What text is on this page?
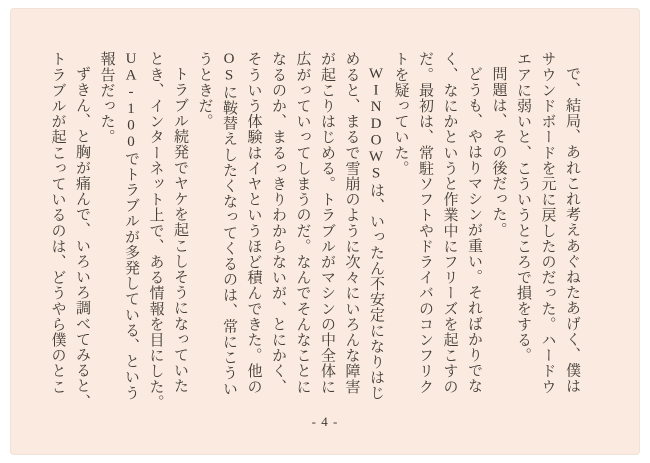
で、結局、あれこれ考えあぐねたあげく、僕は
サウンドボードを元に戻したのだった。ハードウ
エアに弱いと、こういうところで損をする。
問題は、その後だった。
どうも、やはりマシンが重い。そればかりでな
く、なにかというと作業中にフリーズを起こすの
だ。最初は、常駐ソフトやドライバのコンフリク
トを疑っていた。
WINDOWSは、いったん不安定になりはじ
めると、まるで雪崩のように次々にいろんな障害
が起こりはじめる。トラブルがマシンの中全体に
広がっていってしまうのだ。なんでそんなことに
なるのか、まるっきりわからないが、とにかく、
そういう体験はイヤというほど積んできた。他の
OSに鞍替えしたくなってくるのは、常にこうい
うときだ。
トラブル続発でヤケを起こしそうになっていた
とき、インターネット上で、ある情報を目にした。
UA-100でトラブルが多発している、という
報告だった。
ずきん、と胸が痛んで、いろいろ調べてみると、
トラブルが起こっているのは、どうやら僕のとこ
- 4 -
